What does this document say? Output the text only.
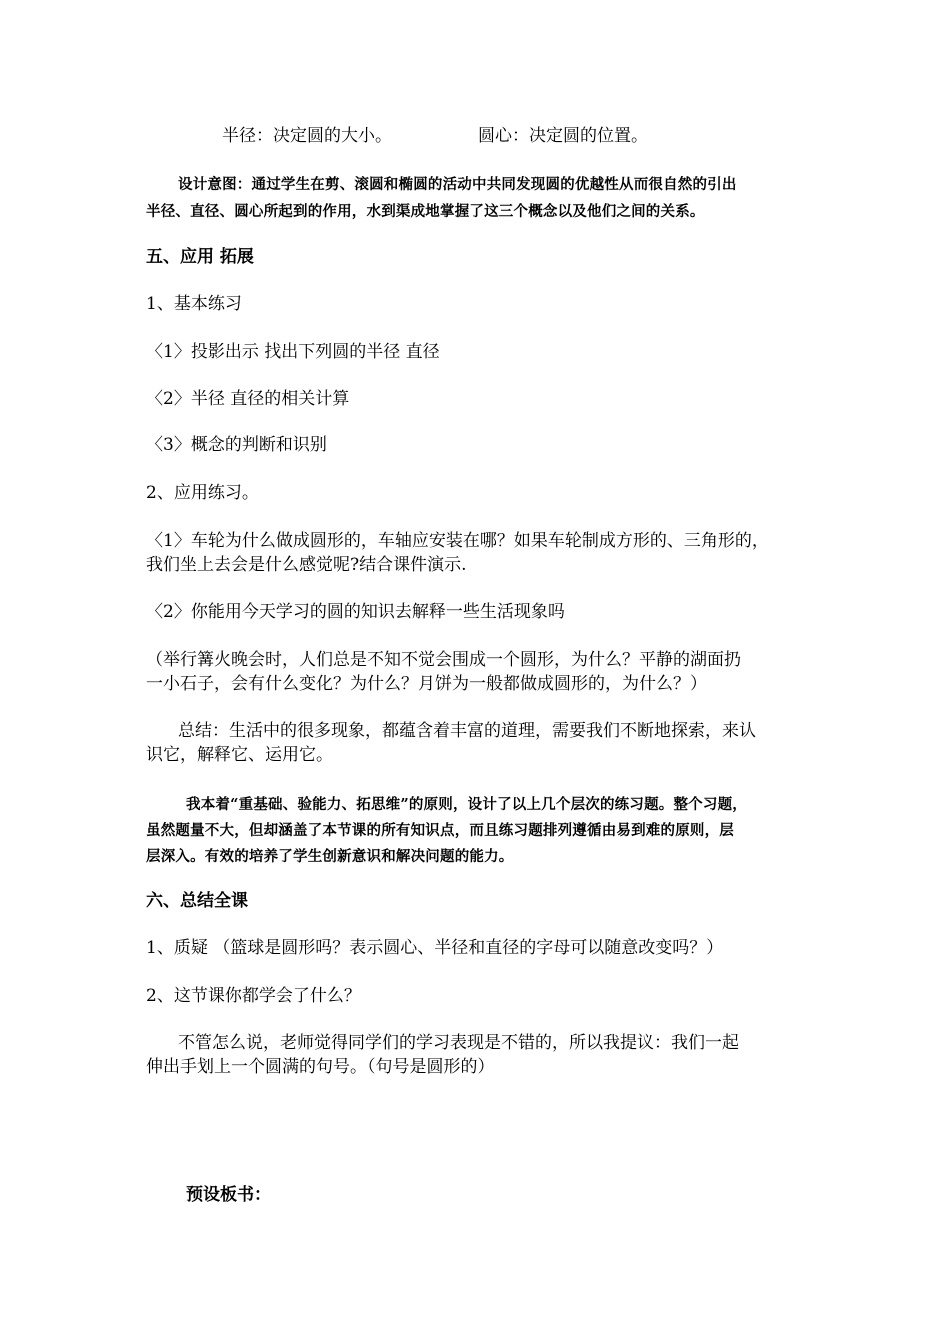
半径：决定圆的大小。	圆心：决定圆的位置。
设计意图：通过学生在剪、滚圆和椭圆的活动中共同发现圆的优越性从而很自然的引出
半径、直径、圆心所起到的作用，水到渠成地掌握了这三个概念以及他们之间的关系。
五、应用 拓展
1、基本练习
〈1〉投影出示 找出下列圆的半径 直径
〈2〉半径 直径的相关计算
〈3〉概念的判断和识别
2、应用练习。
〈1〉车轮为什么做成圆形的，车轴应安装在哪？如果车轮制成方形的、三角形的，
我们坐上去会是什么感觉呢?结合课件演示.
〈2〉你能用今天学习的圆的知识去解释一些生活现象吗
（举行篝火晚会时，人们总是不知不觉会围成一个圆形，为什么？平静的湖面扔
一小石子，会有什么变化？为什么？月饼为一般都做成圆形的，为什么？）
总结：生活中的很多现象，都蕴含着丰富的道理，需要我们不断地探索，来认
识它，解释它、运用它。
我本着“重基础、验能力、拓思维”的原则，设计了以上几个层次的练习题。整个习题，
虽然题量不大，但却涵盖了本节课的所有知识点，而且练习题排列遵循由易到难的原则，层
层深入。有效的培养了学生创新意识和解决问题的能力。
六、总结全课
1、质疑 （篮球是圆形吗？表示圆心、半径和直径的字母可以随意改变吗？）
2、这节课你都学会了什么？
不管怎么说，老师觉得同学们的学习表现是不错的，所以我提议：我们一起
伸出手划上一个圆满的句号。（句号是圆形的）
预设板书：
